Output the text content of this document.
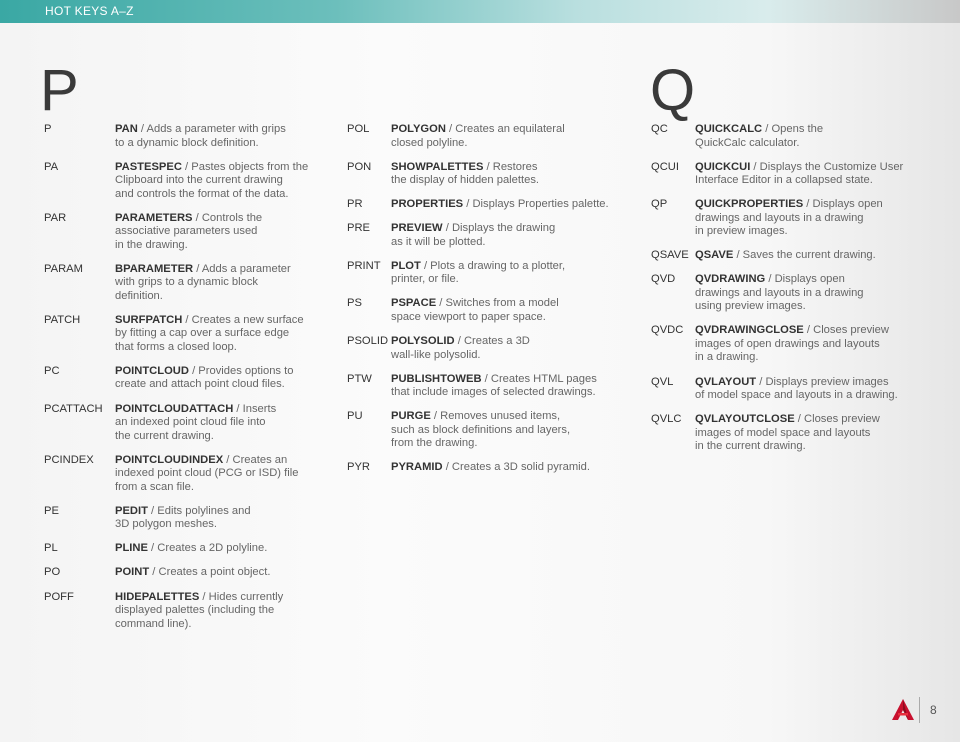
HOT KEYS A–Z
P	Q
P	PAN / Adds a parameter with grips
to a dynamic block definition.
PA	PASTESPEC / Pastes objects from the
Clipboard into the current drawing
and controls the format of the data.
PAR	PARAMETERS / Controls the
associative parameters used
in the drawing.
PARAM	BPARAMETER / Adds a parameter
with grips to a dynamic block
definition.
PATCH	SURFPATCH / Creates a new surface
by fitting a cap over a surface edge
that forms a closed loop.
PC	POINTCLOUD / Provides options to
create and attach point cloud files.
PCATTACH POINTCLOUDATTACH / Inserts
an indexed point cloud file into
the current drawing.
PCINDEX POINTCLOUDINDEX / Creates an
indexed point cloud (PCG or ISD) file
from a scan file.
PE	PEDIT / Edits polylines and
3D polygon meshes.
PL	PLINE / Creates a 2D polyline.
PO	POINT / Creates a point object.
POFF	HIDEPALETTES / Hides currently
displayed palettes (including the
command line).
POL POLYGON / Creates an equilateral
closed polyline.
PON SHOWPALETTES / Restores
the display of hidden palettes.
PR	PROPERTIES / Displays Properties palette.
PRE PREVIEW / Displays the drawing
as it will be plotted.
PRINT PLOT / Plots a drawing to a plotter,
printer, or file.
PS	PSPACE / Switches from a model
space viewport to paper space.
PSOLID POLYSOLID / Creates a 3D
wall-like polysolid.
PTW PUBLISHTOWEB / Creates HTML pages
that include images of selected drawings.
PU	PURGE / Removes unused items,
such as block definitions and layers,
from the drawing.
PYR PYRAMID / Creates a 3D solid pyramid.
QC QUICKCALC / Opens the
QuickCalc calculator.
QCUI QUICKCUI / Displays the Customize User
Interface Editor in a collapsed state.
QP QUICKPROPERTIES / Displays open
drawings and layouts in a drawing
in preview images.
QSAVE QSAVE / Saves the current drawing.
QVD QVDRAWING / Displays open
drawings and layouts in a drawing
using preview images.
QVDC QVDRAWINGCLOSE / Closes preview
images of open drawings and layouts
in a drawing.
QVL QVLAYOUT / Displays preview images
of model space and layouts in a drawing.
QVLC QVLAYOUTCLOSE / Closes preview
images of model space and layouts
in the current drawing.
8
